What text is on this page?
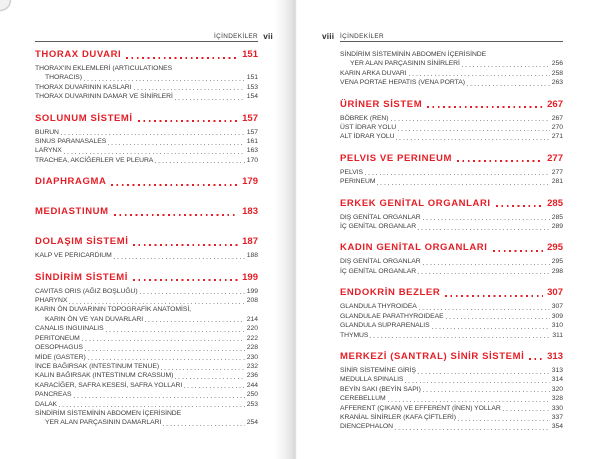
İÇİNDEKİLER vii
THORAX DUVARI	151
THORAX'IN EKLEMLERİ (ARTICULATIONES
THORACIS)	151
THORAX DUVARININ KASLARI	153
THORAX DUVARININ DAMAR VE SİNİRLERİ	154
SOLUNUM SİSTEMİ	157
BURUN	157
SINUS PARANASALES	161
LARYNX	163
TRACHEA, AKCİĞERLER VE PLEURA	170
DIAPHRAGMA	179
MEDIASTINUM	183
DOLAŞIM SİSTEMİ	187
KALP VE PERICARDIUM	188
SİNDİRİM SİSTEMİ	199
CAVITAS ORIS (AĞIZ BOŞLUĞU)	199
PHARYNX	208
KARIN ÖN DUVARININ TOPOGRAFİK ANATOMİSİ,
KARIN ÖN VE YAN DUVARLARI	214
CANALIS INGUINALIS	220
PERITONEUM	222
OESOPHAGUS	228
MİDE (GASTER)	230
İNCE BAĞIRSAK (INTESTINUM TENUE)	232
KALIN BAĞIRSAK (INTESTINUM CRASSUM)	236
KARACİĞER, SAFRA KESESİ, SAFRA YOLLARI	244
PANCREAS	250
DALAK	253
SİNDİRİM SİSTEMİNİN ABDOMEN İÇERİSİNDE
YER ALAN PARÇASININ DAMARLARI	254
viii İÇİNDEKİLER
SİNDİRİM SİSTEMİNİN ABDOMEN İÇERİSİNDE
YER ALAN PARÇASININ SİNİRLERİ	256
KARIN ARKA DUVARI	258
VENA PORTAE HEPATIS (VENA PORTA)	263
ÜRİNER SİSTEM	267
BÖBREK (REN)	267
ÜST İDRAR YOLU	270
ALT İDRAR YOLU	271
PELVIS VE PERINEUM	277
PELVIS	277
PERINEUM	281
ERKEK GENİTAL ORGANLARI	285
DIŞ GENİTAL ORGANLAR	285
İÇ GENİTAL ORGANLAR	289
KADIN GENİTAL ORGANLARI	295
DIŞ GENİTAL ORGANLAR	295
İÇ GENİTAL ORGANLAR	298
ENDOKRİN BEZLER	307
GLANDULA THYROIDEA	307
GLANDULAE PARATHYROIDEAE	309
GLANDULA SUPRARENALIS	310
THYMUS	311
MERKEZİ (SANTRAL) SİNİR SİSTEMİ 313
SİNİR SİSTEMİNE GİRİŞ	313
MEDULLA SPINALIS	314
BEYİN SAKI (BEYİN SAPI)	320
CEREBELLUM	328
AFFERENT (ÇIKAN) VE EFFERENT (İNEN) YOLLAR	330
KRANİAL SİNİRLER (KAFA ÇİFTLERİ)	337
DIENCEPHALON	354
